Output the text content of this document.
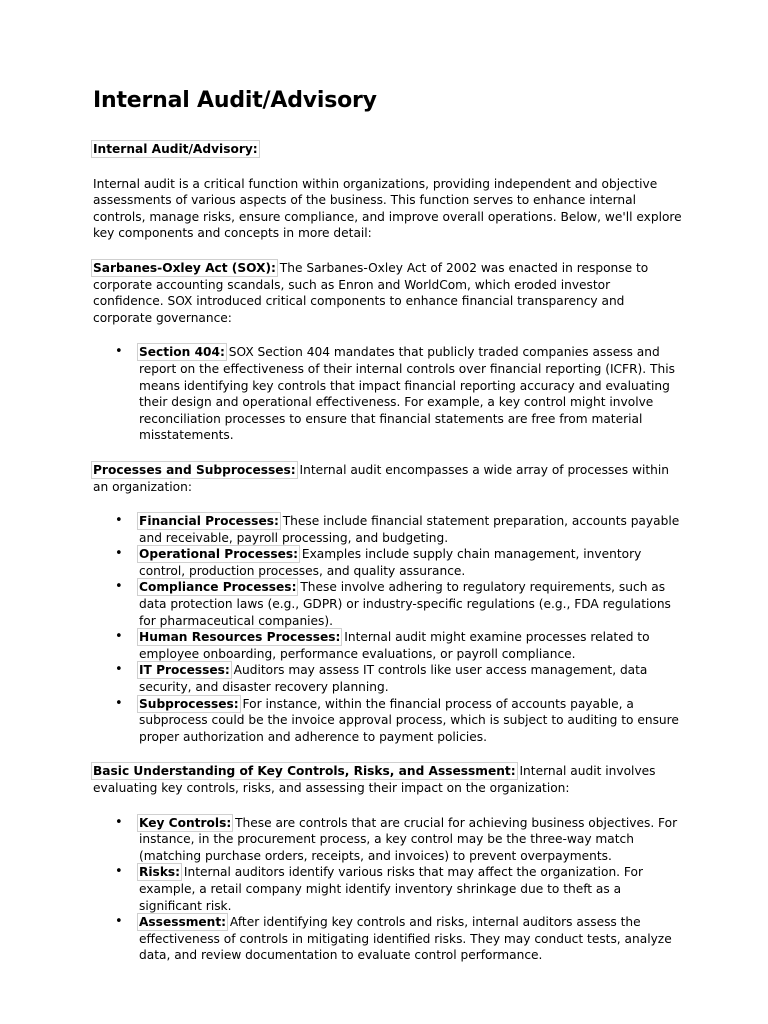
Internal Audit/Advisory

Internal Audit/Advisory:

Internal audit is a critical function within organizations, providing independent and objective assessments of various aspects of the business. This function serves to enhance internal controls, manage risks, ensure compliance, and improve overall operations. Below, we'll explore key components and concepts in more detail:

Sarbanes-Oxley Act (SOX): The Sarbanes-Oxley Act of 2002 was enacted in response to corporate accounting scandals, such as Enron and WorldCom, which eroded investor confidence. SOX introduced critical components to enhance financial transparency and corporate governance:

• Section 404: SOX Section 404 mandates that publicly traded companies assess and report on the effectiveness of their internal controls over financial reporting (ICFR). This means identifying key controls that impact financial reporting accuracy and evaluating their design and operational effectiveness. For example, a key control might involve reconciliation processes to ensure that financial statements are free from material misstatements.

Processes and Subprocesses: Internal audit encompasses a wide array of processes within an organization:

• Financial Processes: These include financial statement preparation, accounts payable and receivable, payroll processing, and budgeting.
• Operational Processes: Examples include supply chain management, inventory control, production processes, and quality assurance.
• Compliance Processes: These involve adhering to regulatory requirements, such as data protection laws (e.g., GDPR) or industry-specific regulations (e.g., FDA regulations for pharmaceutical companies).
• Human Resources Processes: Internal audit might examine processes related to employee onboarding, performance evaluations, or payroll compliance.
• IT Processes: Auditors may assess IT controls like user access management, data security, and disaster recovery planning.
• Subprocesses: For instance, within the financial process of accounts payable, a subprocess could be the invoice approval process, which is subject to auditing to ensure proper authorization and adherence to payment policies.

Basic Understanding of Key Controls, Risks, and Assessment: Internal audit involves evaluating key controls, risks, and assessing their impact on the organization:

• Key Controls: These are controls that are crucial for achieving business objectives. For instance, in the procurement process, a key control may be the three-way match (matching purchase orders, receipts, and invoices) to prevent overpayments.
• Risks: Internal auditors identify various risks that may affect the organization. For example, a retail company might identify inventory shrinkage due to theft as a significant risk.
• Assessment: After identifying key controls and risks, internal auditors assess the effectiveness of controls in mitigating identified risks. They may conduct tests, analyze data, and review documentation to evaluate control performance.
